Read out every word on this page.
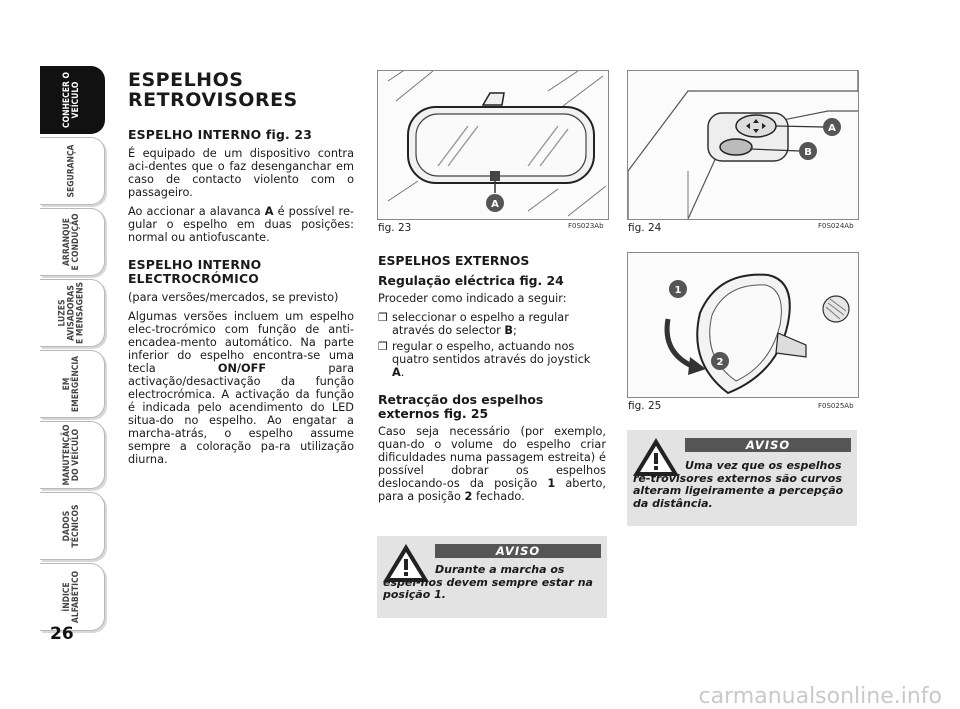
CONHECER O
VEÍCULO
SEGURANÇA
ARRANQUE
E CONDUÇÃO
LUZES
AVISADORAS
E MENSAGENS
EM
EMERGÊNCIA
MANUTENÇÃO
DO VEÍCULO
DADOS
TÉCNICOS
ÍNDICE
ALFABÉTICO
26
ESPELHOS RETROVISORES
ESPELHO INTERNO fig. 23
É equipado de um dispositivo contra aci-dentes que o faz desenganchar em caso de contacto violento com o passageiro.
Ao accionar a alavanca A é possível re-gular o espelho em duas posições: normal ou antiofuscante.
ESPELHO INTERNO ELECTROCRÓMICO
(para versões/mercados, se previsto)
Algumas versões incluem um espelho elec-trocrómico com função de anti-encadea-mento automático. Na parte inferior do espelho encontra-se uma tecla ON/OFF para activação/desactivação da função electrocrómica. A activação da função é indicada pelo acendimento do LED situa-do no espelho. Ao engatar a marcha-atrás, o espelho assume sempre a coloração pa-ra utilização diurna.
A
fig. 23	F0S023Ab
A
B
fig. 24	F0S024Ab
1
2
fig. 25	F0S025Ab
ESPELHOS EXTERNOS
Regulação eléctrica fig. 24
Proceder como indicado a seguir:
❒ seleccionar o espelho a regular através do selector B;
❒ regular o espelho, actuando nos quatro sentidos através do joystick A.
Retracção dos espelhos externos fig. 25
Caso seja necessário (por exemplo, quan-do o volume do espelho criar dificuldades numa passagem estreita) é possível dobrar os espelhos deslocando-os da posição 1 aberto, para a posição 2 fechado.
AVISO
Durante a marcha os espel-hos devem sempre estar na posição 1.
AVISO
Uma vez que os espelhos re-trovisores externos são curvos alteram ligeiramente a percepção da distância.
carmanualsonline.info
